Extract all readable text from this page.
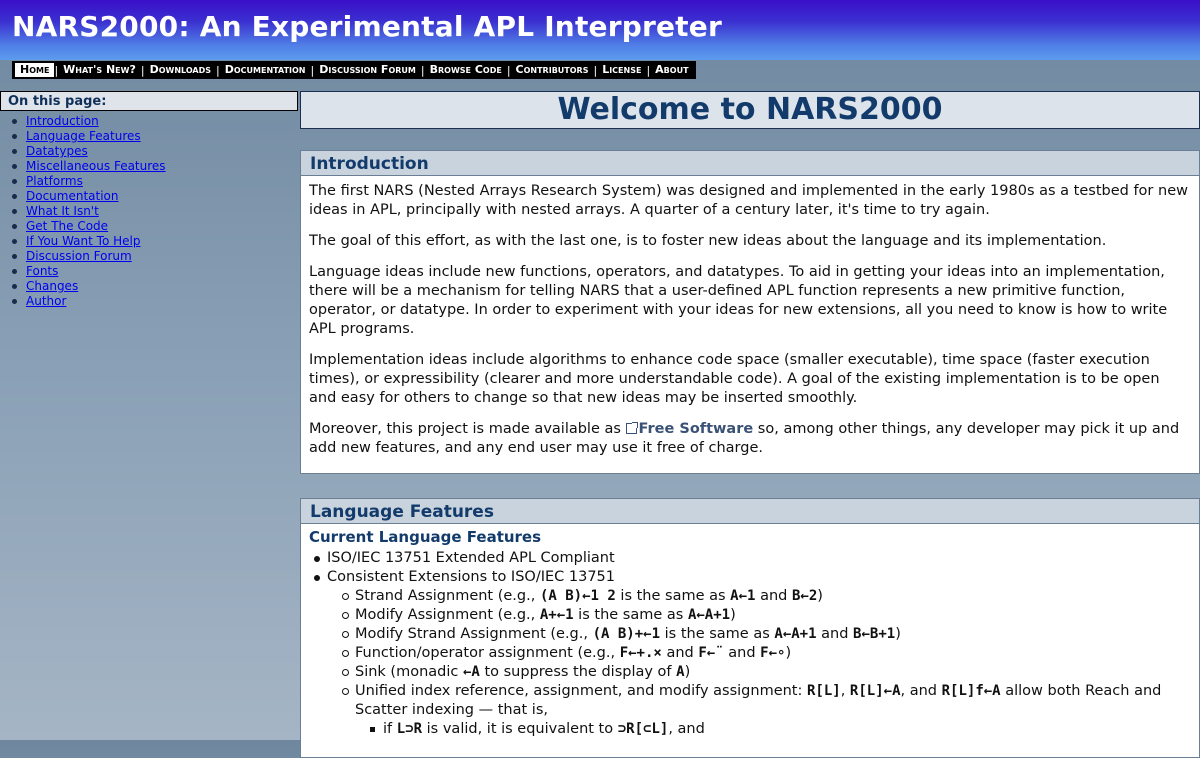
NARS2000: An Experimental APL Interpreter
Home | What's New? | Downloads | Documentation | Discussion Forum | Browse Code | Contributors | License | About
On this page:
Introduction
Language Features
Datatypes
Miscellaneous Features
Platforms
Documentation
What It Isn't
Get The Code
If You Want To Help
Discussion Forum
Fonts
Changes
Author
Welcome to NARS2000
Introduction

The first NARS (Nested Arrays Research System) was designed and implemented in the early 1980s as a testbed for new ideas in APL, principally with nested arrays. A quarter of a century later, it's time to try again.

The goal of this effort, as with the last one, is to foster new ideas about the language and its implementation.

Language ideas include new functions, operators, and datatypes. To aid in getting your ideas into an implementation, there will be a mechanism for telling NARS that a user-defined APL function represents a new primitive function, operator, or datatype. In order to experiment with your ideas for new extensions, all you need to know is how to write APL programs.

Implementation ideas include algorithms to enhance code space (smaller executable), time space (faster execution times), or expressibility (clearer and more understandable code). A goal of the existing implementation is to be open and easy for others to change so that new ideas may be inserted smoothly.

Moreover, this project is made available as Free Software so, among other things, any developer may pick it up and add new features, and any end user may use it free of charge.

Language Features
Current Language Features
ISO/IEC 13751 Extended APL Compliant
Consistent Extensions to ISO/IEC 13751
Strand Assignment (e.g., (A B)←1 2 is the same as A←1 and B←2)
Modify Assignment (e.g., A+←1 is the same as A←A+1)
Modify Strand Assignment (e.g., (A B)+←1 is the same as A←A+1 and B←B+1)
Function/operator assignment (e.g., F←+.× and F←¨ and F←∘)
Sink (monadic ←A to suppress the display of A)
Unified index reference, assignment, and modify assignment: R[L], R[L]←A, and R[L]f←A allow both Reach and Scatter indexing — that is,
if L⊃R is valid, it is equivalent to ⊃R[⊂L], and
